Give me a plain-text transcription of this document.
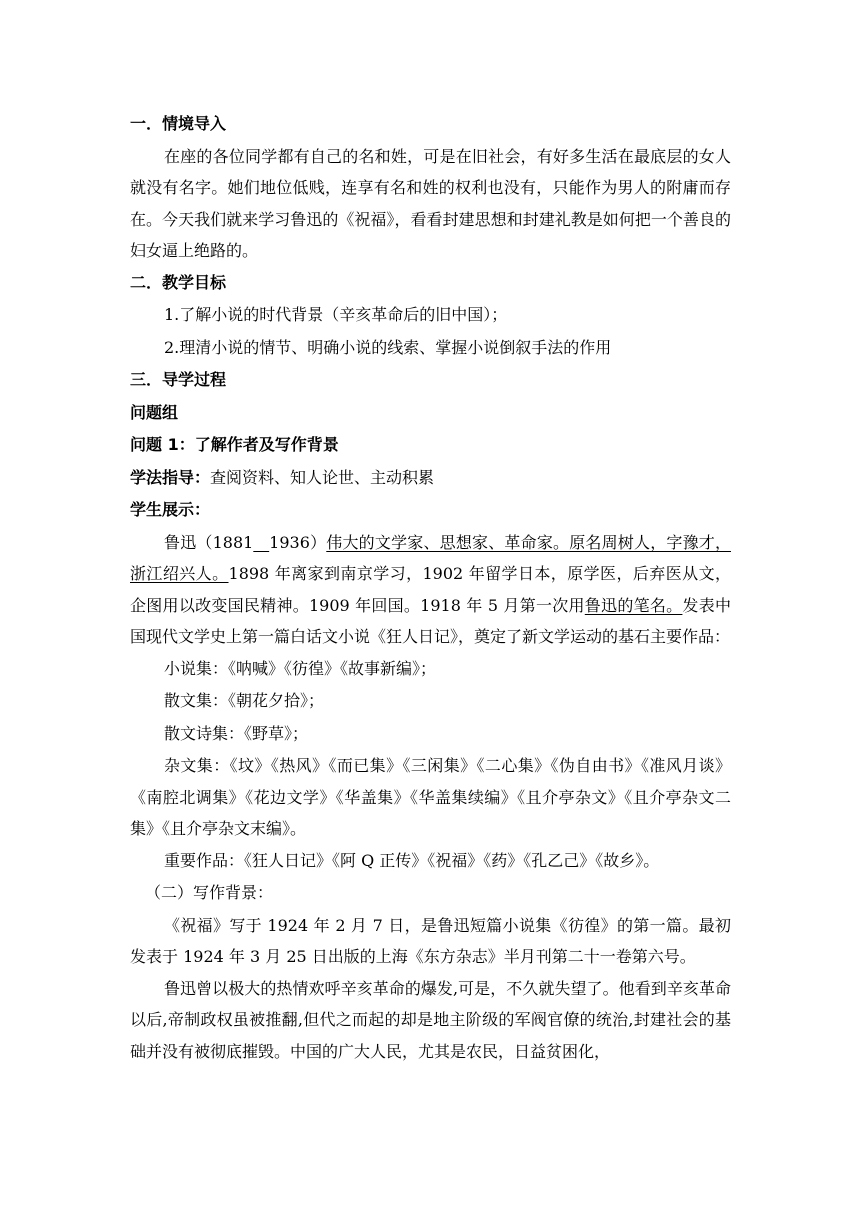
一．情境导入
在座的各位同学都有自己的名和姓，可是在旧社会，有好多生活在最底层的女人就没有名字。她们地位低贱，连享有名和姓的权利也没有，只能作为男人的附庸而存在。今天我们就来学习鲁迅的《祝福》，看看封建思想和封建礼教是如何把一个善良的妇女逼上绝路的。
二．教学目标
1.了解小说的时代背景（辛亥革命后的旧中国）；
2.理清小说的情节、明确小说的线索、掌握小说倒叙手法的作用
三．导学过程
问题组
问题 1：了解作者及写作背景
学法指导：查阅资料、知人论世、主动积累
学生展示：
鲁迅（1881 1936）伟大的文学家、思想家、革命家。原名周树人，字豫才，浙江绍兴人。1898 年离家到南京学习，1902 年留学日本，原学医，后弃医从文，企图用以改变国民精神。1909 年回国。1918 年 5 月第一次用鲁迅的笔名。发表中国现代文学史上第一篇白话文小说《狂人日记》，奠定了新文学运动的基石主要作品：
小说集：《呐喊》《彷徨》《故事新编》；
散文集：《朝花夕拾》；
散文诗集：《野草》；
杂文集：《坟》《热风》《而已集》《三闲集》《二心集》《伪自由书》《准风月谈》《南腔北调集》《花边文学》《华盖集》《华盖集续编》《且介亭杂文》《且介亭杂文二集》《且介亭杂文末编》。
重要作品：《狂人日记》《阿 Q 正传》《祝福》《药》《孔乙己》《故乡》。
（二）写作背景：
《祝福》写于 1924 年 2 月 7 日，是鲁迅短篇小说集《彷徨》的第一篇。最初发表于 1924 年 3 月 25 日出版的上海《东方杂志》半月刊第二十一卷第六号。
鲁迅曾以极大的热情欢呼辛亥革命的爆发,可是，不久就失望了。他看到辛亥革命以后,帝制政权虽被推翻,但代之而起的却是地主阶级的军阀官僚的统治,封建社会的基础并没有被彻底摧毁。中国的广大人民，尤其是农民，日益贫困化，
